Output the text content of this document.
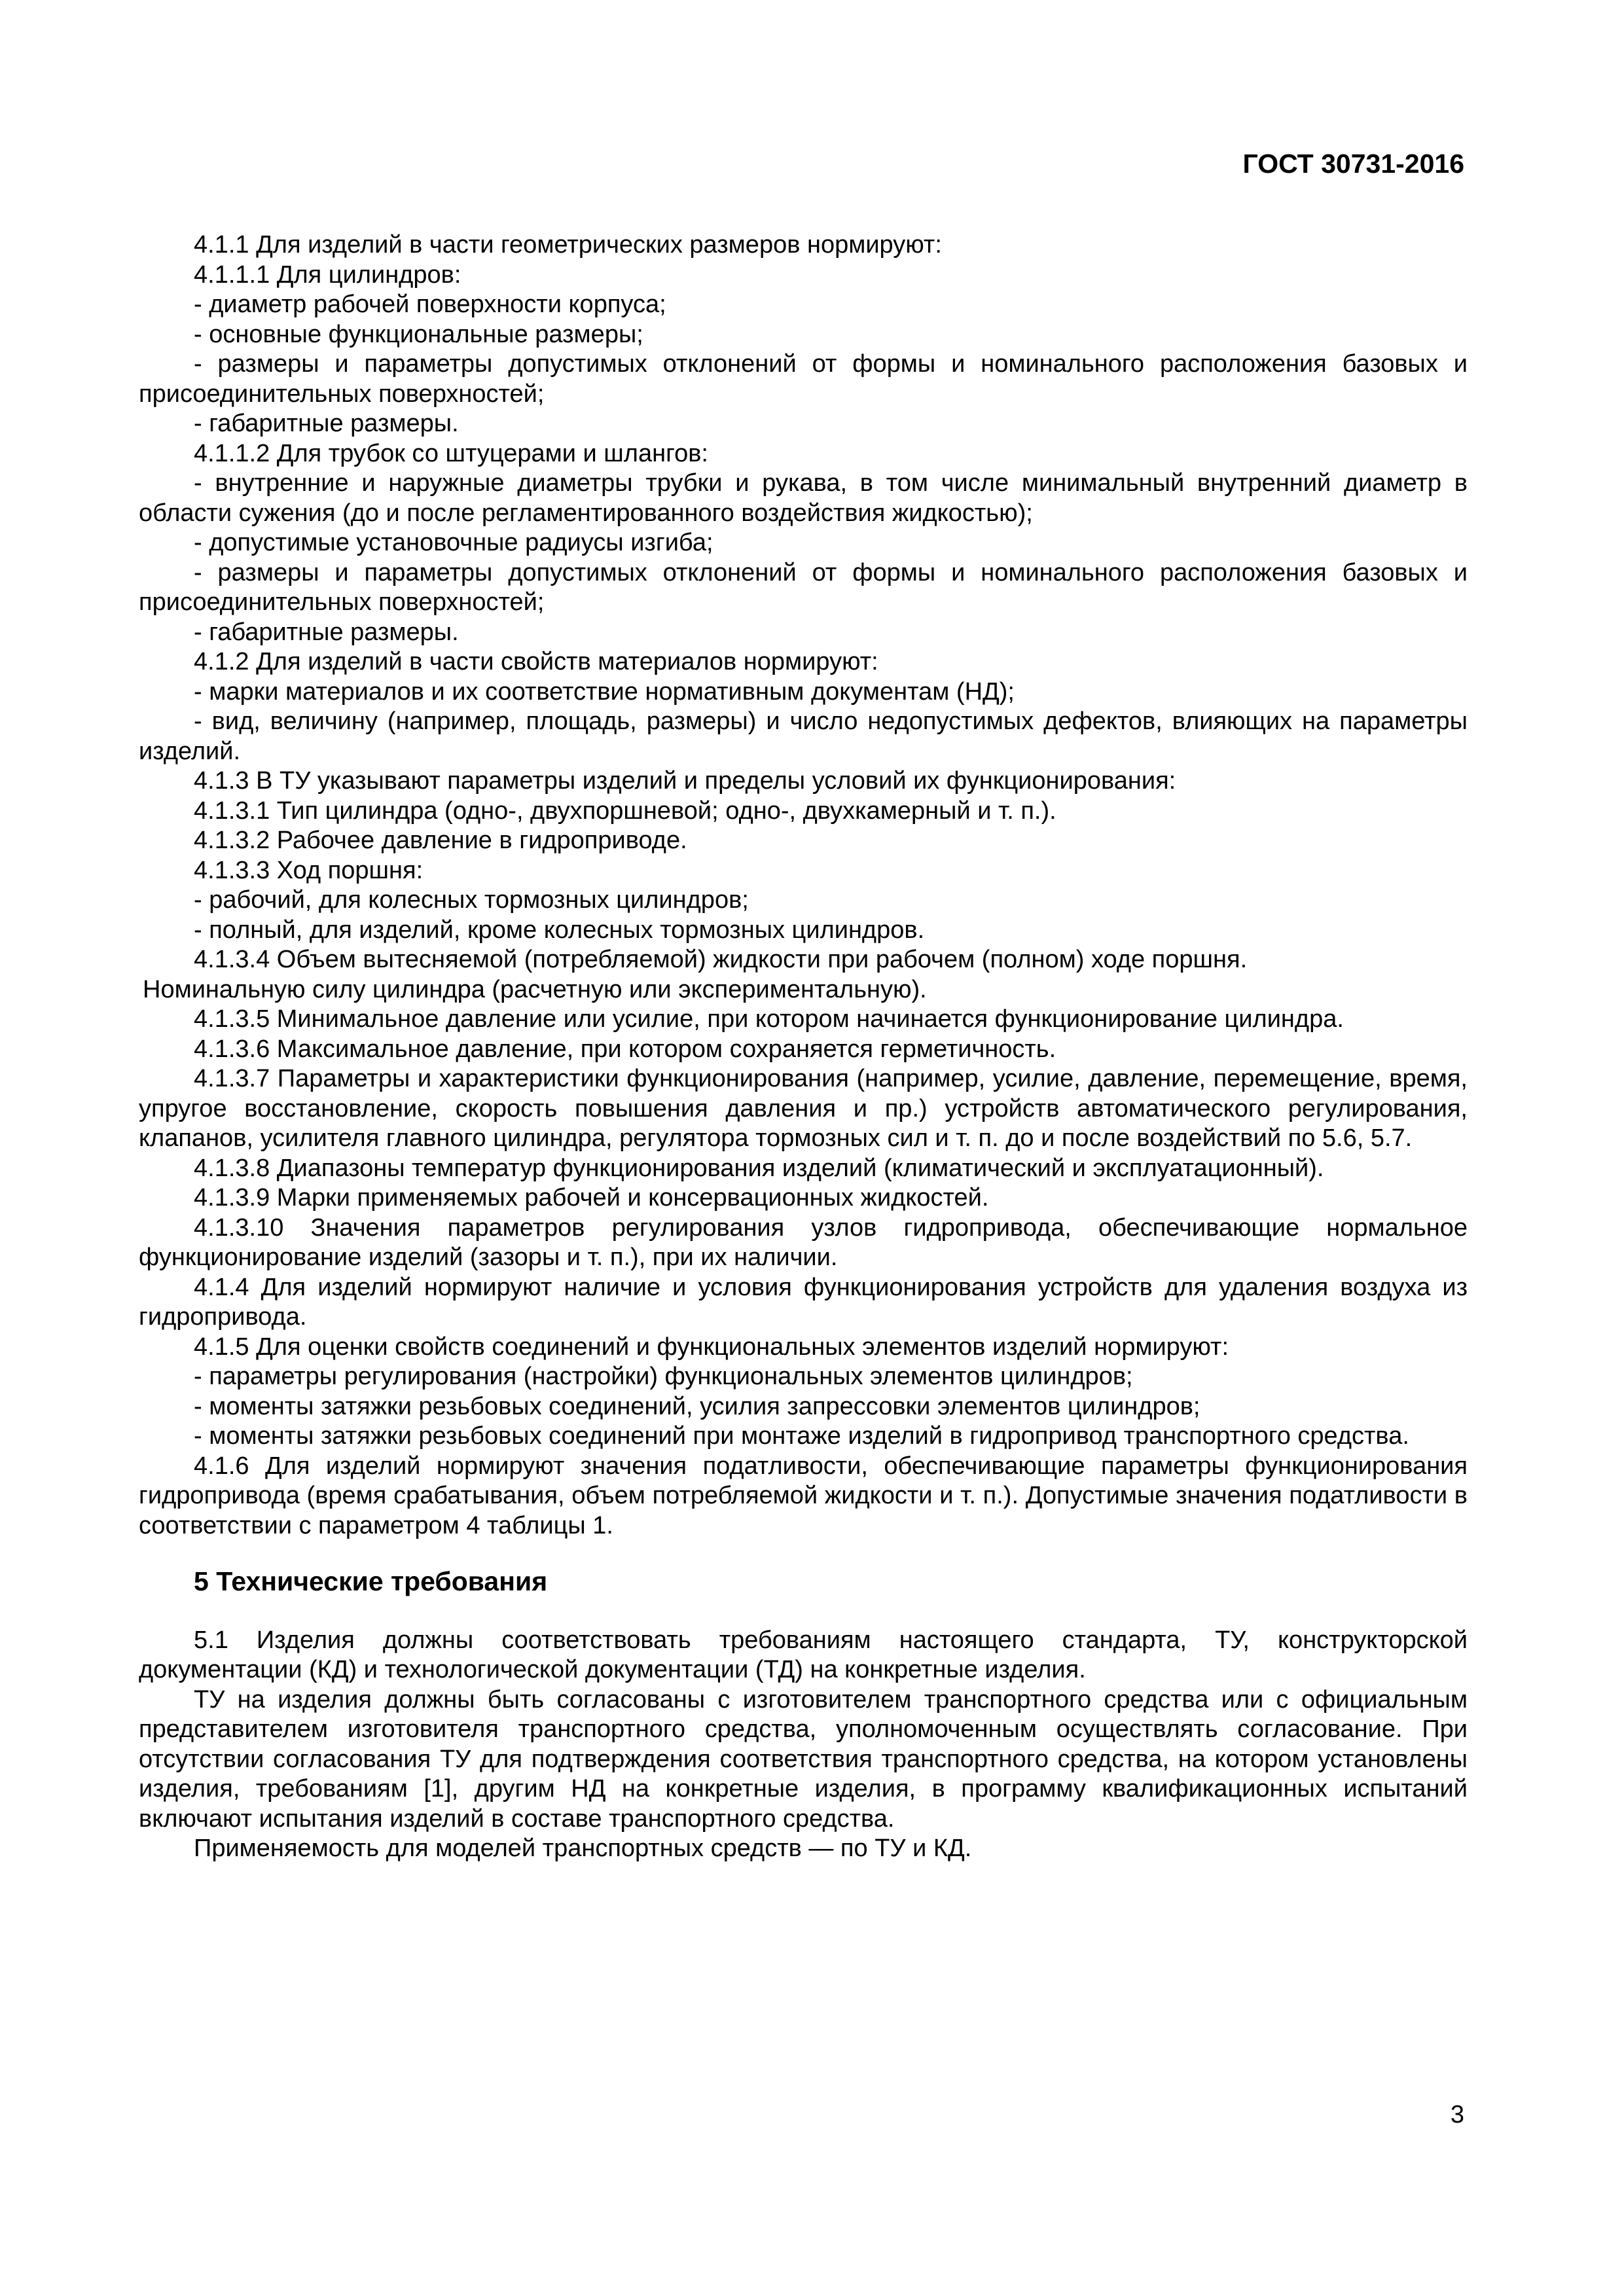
ГОСТ 30731-2016

4.1.1 Для изделий в части геометрических размеров нормируют:

4.1.1.1 Для цилиндров:

- диаметр рабочей поверхности корпуса;

- основные функциональные размеры;

- размеры и параметры допустимых отклонений от формы и номинального расположения базовых и присоединительных поверхностей;

- габаритные размеры.

4.1.1.2 Для трубок со штуцерами и шлангов:

- внутренние и наружные диаметры трубки и рукава, в том числе минимальный внутренний диаметр в области сужения (до и после регламентированного воздействия жидкостью);

- допустимые установочные радиусы изгиба;

- размеры и параметры допустимых отклонений от формы и номинального расположения базовых и присоединительных поверхностей;

- габаритные размеры.

4.1.2 Для изделий в части свойств материалов нормируют:

- марки материалов и их соответствие нормативным документам (НД);

- вид, величину (например, площадь, размеры) и число недопустимых дефектов, влияющих на параметры изделий.

4.1.3 В ТУ указывают параметры изделий и пределы условий их функционирования:

4.1.3.1 Тип цилиндра (одно-, двухпоршневой; одно-, двухкамерный и т. п.).

4.1.3.2 Рабочее давление в гидроприводе.

4.1.3.3 Ход поршня:

- рабочий, для колесных тормозных цилиндров;

- полный, для изделий, кроме колесных тормозных цилиндров.

4.1.3.4 Объем вытесняемой (потребляемой) жидкости при рабочем (полном) ходе поршня.

Номинальную силу цилиндра (расчетную или экспериментальную).

4.1.3.5 Минимальное давление или усилие, при котором начинается функционирование цилиндра.

4.1.3.6 Максимальное давление, при котором сохраняется герметичность.

4.1.3.7 Параметры и характеристики функционирования (например, усилие, давление, перемещение, время, упругое восстановление, скорость повышения давления и пр.) устройств автоматического регулирования, клапанов, усилителя главного цилиндра, регулятора тормозных сил и т. п. до и после воздействий по 5.6, 5.7.

4.1.3.8 Диапазоны температур функционирования изделий (климатический и эксплуатационный).

4.1.3.9 Марки применяемых рабочей и консервационных жидкостей.

4.1.3.10 Значения параметров регулирования узлов гидропривода, обеспечивающие нормальное функционирование изделий (зазоры и т. п.), при их наличии.

4.1.4 Для изделий нормируют наличие и условия функционирования устройств для удаления воздуха из гидропривода.

4.1.5 Для оценки свойств соединений и функциональных элементов изделий нормируют:

- параметры регулирования (настройки) функциональных элементов цилиндров;

- моменты затяжки резьбовых соединений, усилия запрессовки элементов цилиндров;

- моменты затяжки резьбовых соединений при монтаже изделий в гидропривод транспортного средства.

4.1.6 Для изделий нормируют значения податливости, обеспечивающие параметры функционирования гидропривода (время срабатывания, объем потребляемой жидкости и т. п.). Допустимые значения податливости в соответствии с параметром 4 таблицы 1.

5 Технические требования

5.1 Изделия должны соответствовать требованиям настоящего стандарта, ТУ, конструкторской документации (КД) и технологической документации (ТД) на конкретные изделия.

ТУ на изделия должны быть согласованы с изготовителем транспортного средства или с официальным представителем изготовителя транспортного средства, уполномоченным осуществлять согласование. При отсутствии согласования ТУ для подтверждения соответствия транспортного средства, на котором установлены изделия, требованиям [1], другим НД на конкретные изделия, в программу квалификационных испытаний включают испытания изделий в составе транспортного средства.

Применяемость для моделей транспортных средств — по ТУ и КД.

3
